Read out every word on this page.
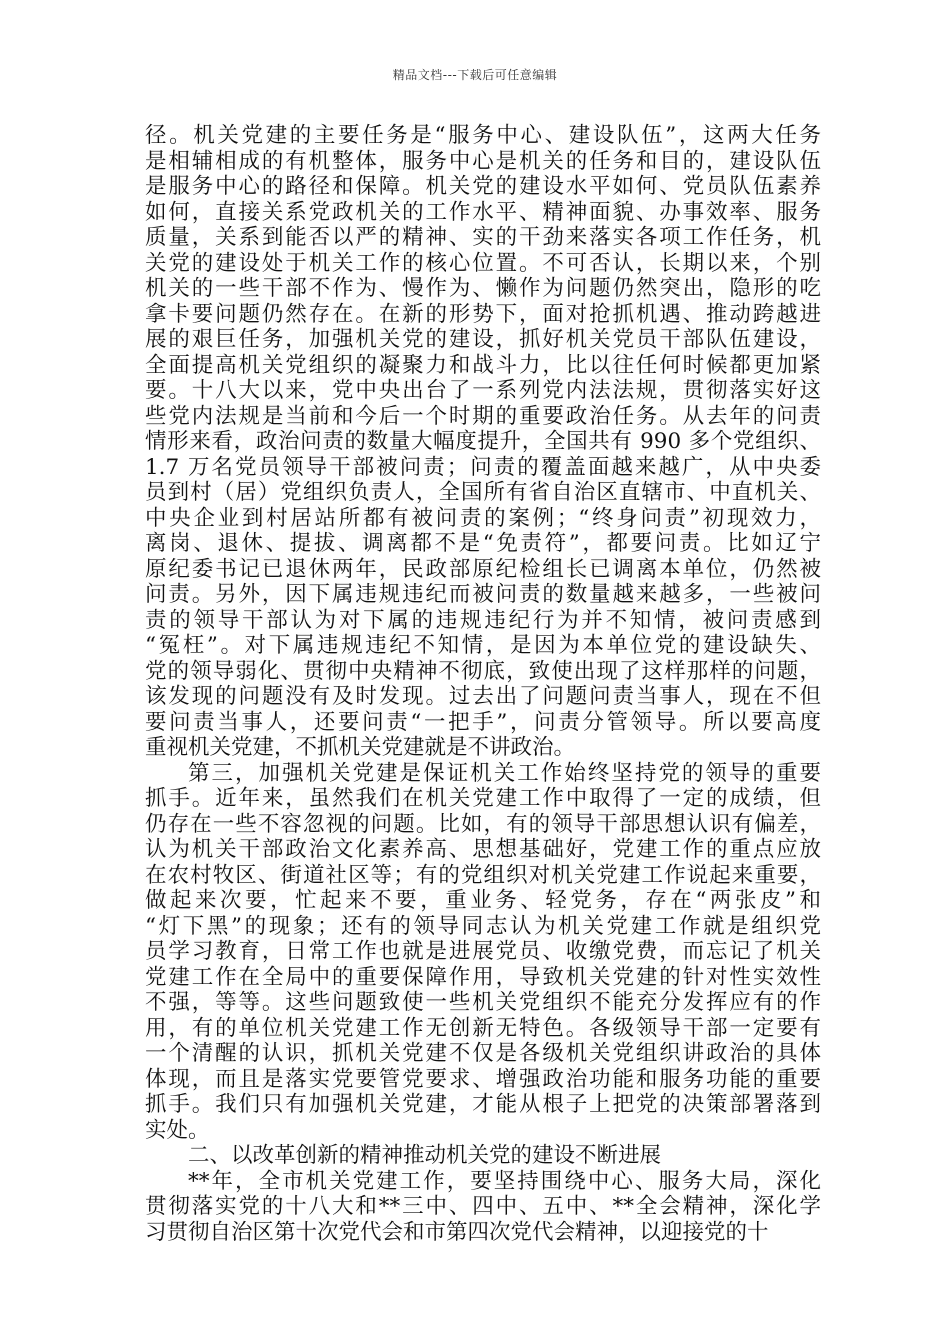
精品文档---下载后可任意编辑
径。机关党建的主要任务是“服务中心、建设队伍”，这两大任务
是相辅相成的有机整体，服务中心是机关的任务和目的，建设队伍
是服务中心的路径和保障。机关党的建设水平如何、党员队伍素养
如何，直接关系党政机关的工作水平、精神面貌、办事效率、服务
质量，关系到能否以严的精神、实的干劲来落实各项工作任务，机
关党的建设处于机关工作的核心位置。不可否认，长期以来，个别
机关的一些干部不作为、慢作为、懒作为问题仍然突出，隐形的吃
拿卡要问题仍然存在。在新的形势下，面对抢抓机遇、推动跨越进
展的艰巨任务，加强机关党的建设，抓好机关党员干部队伍建设，
全面提高机关党组织的凝聚力和战斗力，比以往任何时候都更加紧
要。十八大以来，党中央出台了一系列党内法法规，贯彻落实好这
些党内法规是当前和今后一个时期的重要政治任务。从去年的问责
情形来看，政治问责的数量大幅度提升，全国共有 990 多个党组织、
1.7 万名党员领导干部被问责；问责的覆盖面越来越广，从中央委
员到村（居）党组织负责人，全国所有省自治区直辖市、中直机关、
中央企业到村居站所都有被问责的案例；“终身问责”初现效力，
离岗、退休、提拔、调离都不是“免责符”，都要问责。比如辽宁
原纪委书记已退休两年，民政部原纪检组长已调离本单位，仍然被
问责。另外，因下属违规违纪而被问责的数量越来越多，一些被问
责的领导干部认为对下属的违规违纪行为并不知情，被问责感到
“冤枉”。对下属违规违纪不知情，是因为本单位党的建设缺失、
党的领导弱化、贯彻中央精神不彻底，致使出现了这样那样的问题，
该发现的问题没有及时发现。过去出了问题问责当事人，现在不但
要问责当事人，还要问责“一把手”，问责分管领导。所以要高度
重视机关党建，不抓机关党建就是不讲政治。
第三，加强机关党建是保证机关工作始终坚持党的领导的重要
抓手。近年来，虽然我们在机关党建工作中取得了一定的成绩，但
仍存在一些不容忽视的问题。比如，有的领导干部思想认识有偏差，
认为机关干部政治文化素养高、思想基础好，党建工作的重点应放
在农村牧区、街道社区等；有的党组织对机关党建工作说起来重要，
做起来次要，忙起来不要，重业务、轻党务，存在“两张皮”和
“灯下黑”的现象；还有的领导同志认为机关党建工作就是组织党
员学习教育，日常工作也就是进展党员、收缴党费，而忘记了机关
党建工作在全局中的重要保障作用，导致机关党建的针对性实效性
不强，等等。这些问题致使一些机关党组织不能充分发挥应有的作
用，有的单位机关党建工作无创新无特色。各级领导干部一定要有
一个清醒的认识，抓机关党建不仅是各级机关党组织讲政治的具体
体现，而且是落实党要管党要求、增强政治功能和服务功能的重要
抓手。我们只有加强机关党建，才能从根子上把党的决策部署落到
实处。
二、以改革创新的精神推动机关党的建设不断进展
**年，全市机关党建工作，要坚持围绕中心、服务大局，深化
贯彻落实党的十八大和**三中、四中、五中、**全会精神，深化学
习贯彻自治区第十次党代会和市第四次党代会精神，以迎接党的十
